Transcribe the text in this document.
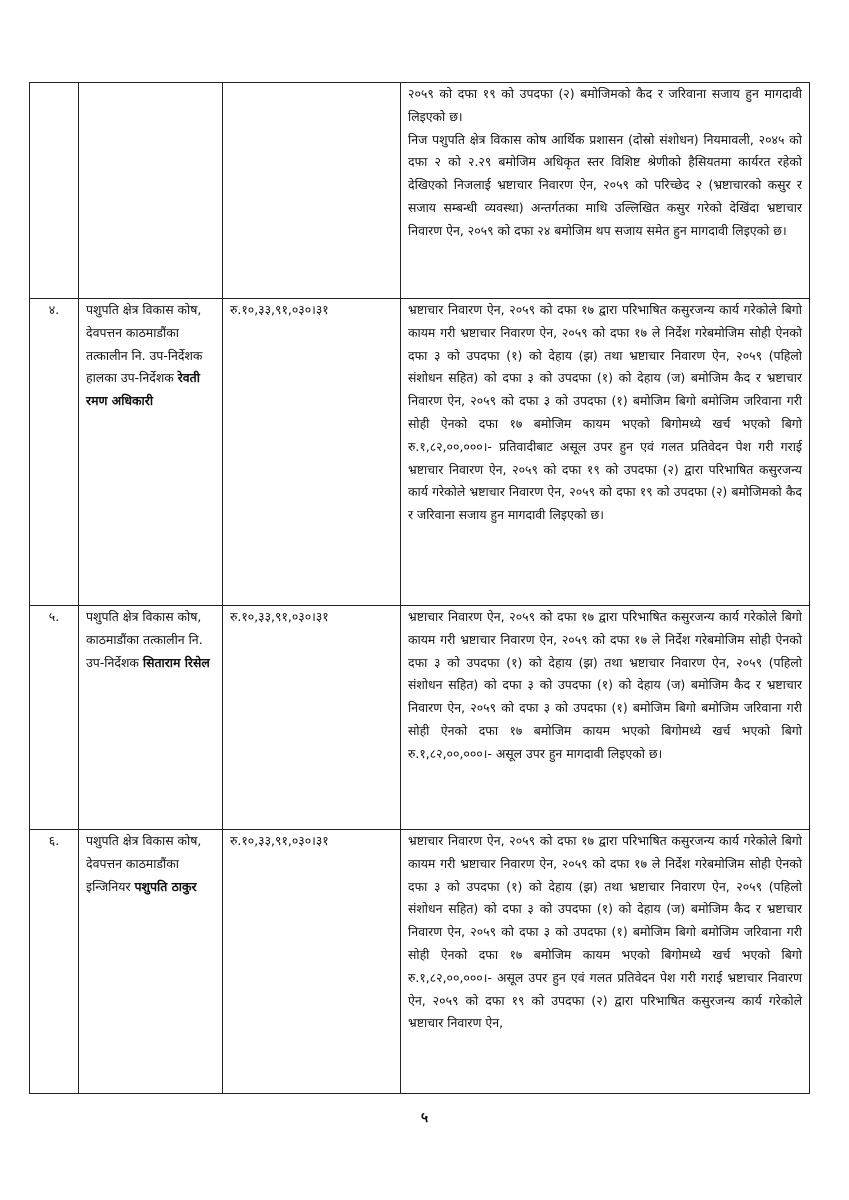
			२०५९ को दफा १९ को उपदफा (२) बमोजिमको कैद र जरिवाना सजाय हुन मागदावी लिइएको छ।

निज पशुपति क्षेत्र विकास कोष आर्थिक प्रशासन (दोस्रो संशोधन) नियमावली, २०४५ को दफा २ को २.२९ बमोजिम अधिकृत स्तर विशिष्ट श्रेणीको हैसियतमा कार्यरत रहेको देखिएको निजलाई भ्रष्टाचार निवारण ऐन, २०५९ को परिच्छेद २ (भ्रष्टाचारको कसुर र सजाय सम्बन्धी व्यवस्था) अन्तर्गतका माथि उल्लिखित कसुर गरेको देखिंदा भ्रष्टाचार निवारण ऐन, २०५९ को दफा २४ बमोजिम थप सजाय समेत हुन मागदावी लिइएको छ।

४.	पशुपति क्षेत्र विकास कोष, देवपत्तन काठमाडौंका तत्कालीन नि. उप-निर्देशक हालका उप-निर्देशक रेवती रमण अधिकारी	रु.१०,३३,९१,०३०।३१	भ्रष्टाचार निवारण ऐन, २०५९ को दफा १७ द्वारा परिभाषित कसुरजन्य कार्य गरेकोले बिगो कायम गरी भ्रष्टाचार निवारण ऐन, २०५९ को दफा १७ ले निर्देश गरेबमोजिम सोही ऐनको दफा ३ को उपदफा (१) को देहाय (झ) तथा भ्रष्टाचार निवारण ऐन, २०५९ (पहिलो संशोधन सहित) को दफा ३ को उपदफा (१) को देहाय (ज) बमोजिम कैद र भ्रष्टाचार निवारण ऐन, २०५९ को दफा ३ को उपदफा (१) बमोजिम बिगो बमोजिम जरिवाना गरी सोही ऐनको दफा १७ बमोजिम कायम भएको बिगोमध्ये खर्च भएको बिगो रु.१,८२,००,०००।- प्रतिवादीबाट असूल उपर हुन एवं गलत प्रतिवेदन पेश गरी गराई भ्रष्टाचार निवारण ऐन, २०५९ को दफा १९ को उपदफा (२) द्वारा परिभाषित कसुरजन्य कार्य गरेकोले भ्रष्टाचार निवारण ऐन, २०५९ को दफा १९ को उपदफा (२) बमोजिमको कैद र जरिवाना सजाय हुन मागदावी लिइएको छ।

५.	पशुपति क्षेत्र विकास कोष, काठमाडौंका तत्कालीन नि. उप-निर्देशक सिताराम रिसेल	रु.१०,३३,९१,०३०।३१	भ्रष्टाचार निवारण ऐन, २०५९ को दफा १७ द्वारा परिभाषित कसुरजन्य कार्य गरेकोले बिगो कायम गरी भ्रष्टाचार निवारण ऐन, २०५९ को दफा १७ ले निर्देश गरेबमोजिम सोही ऐनको दफा ३ को उपदफा (१) को देहाय (झ) तथा भ्रष्टाचार निवारण ऐन, २०५९ (पहिलो संशोधन सहित) को दफा ३ को उपदफा (१) को देहाय (ज) बमोजिम कैद र भ्रष्टाचार निवारण ऐन, २०५९ को दफा ३ को उपदफा (१) बमोजिम बिगो बमोजिम जरिवाना गरी सोही ऐनको दफा १७ बमोजिम कायम भएको बिगोमध्ये खर्च भएको बिगो रु.१,८२,००,०००।- असूल उपर हुन मागदावी लिइएको छ।

६.	पशुपति क्षेत्र विकास कोष, देवपत्तन काठमाडौंका इन्जिनियर पशुपति ठाकुर	रु.१०,३३,९१,०३०।३१	भ्रष्टाचार निवारण ऐन, २०५९ को दफा १७ द्वारा परिभाषित कसुरजन्य कार्य गरेकोले बिगो कायम गरी भ्रष्टाचार निवारण ऐन, २०५९ को दफा १७ ले निर्देश गरेबमोजिम सोही ऐनको दफा ३ को उपदफा (१) को देहाय (झ) तथा भ्रष्टाचार निवारण ऐन, २०५९ (पहिलो संशोधन सहित) को दफा ३ को उपदफा (१) को देहाय (ज) बमोजिम कैद र भ्रष्टाचार निवारण ऐन, २०५९ को दफा ३ को उपदफा (१) बमोजिम बिगो बमोजिम जरिवाना गरी सोही ऐनको दफा १७ बमोजिम कायम भएको बिगोमध्ये खर्च भएको बिगो रु.१,८२,००,०००।- असूल उपर हुन एवं गलत प्रतिवेदन पेश गरी गराई भ्रष्टाचार निवारण ऐन, २०५९ को दफा १९ को उपदफा (२) द्वारा परिभाषित कसुरजन्य कार्य गरेकोले भ्रष्टाचार निवारण ऐन,

५
